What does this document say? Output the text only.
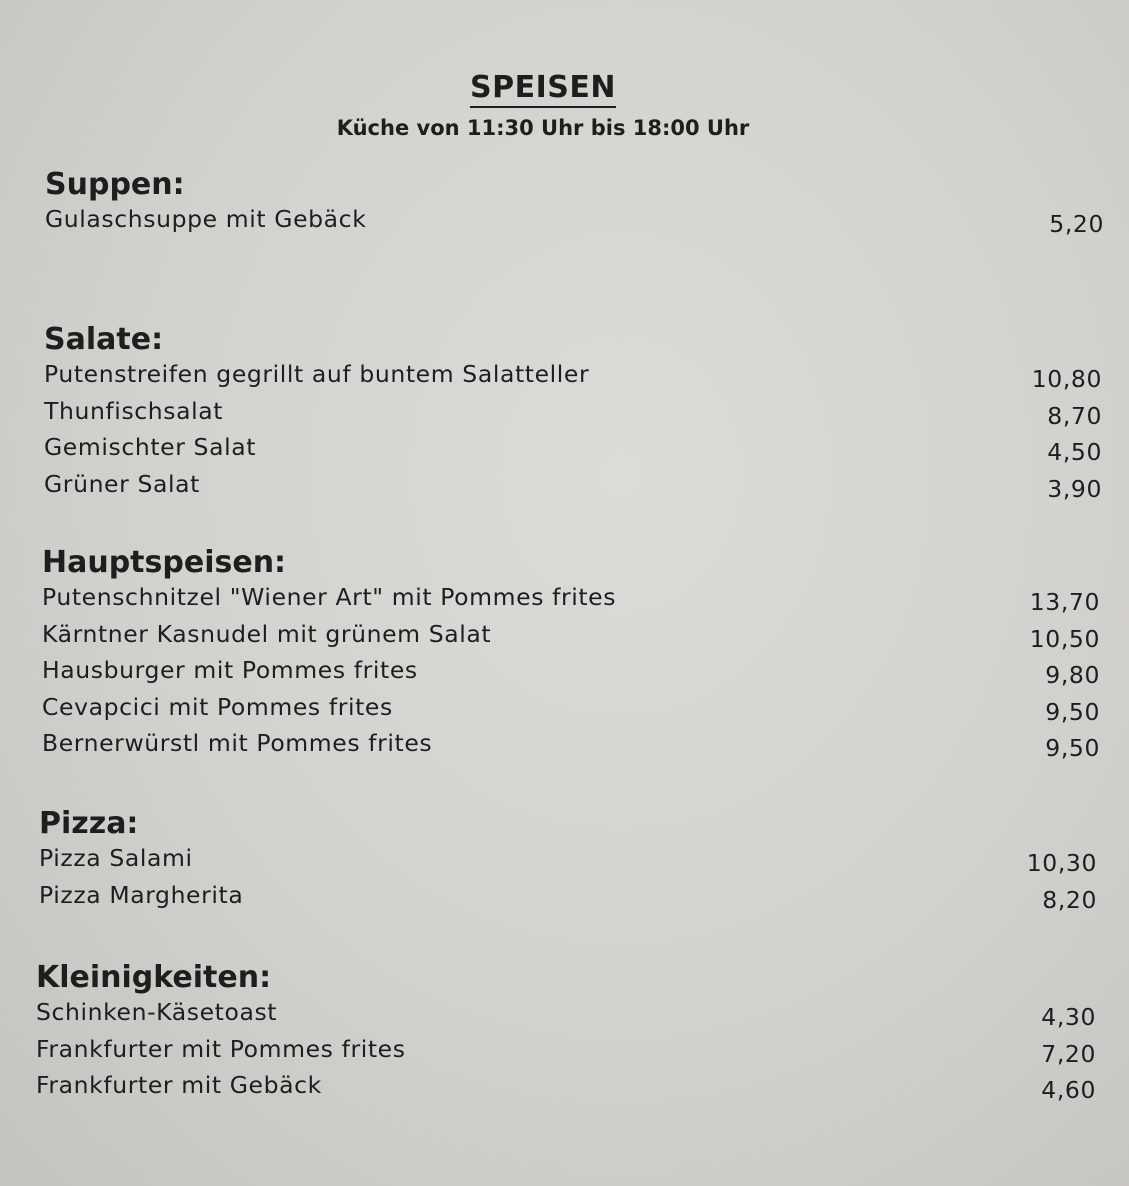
SPEISEN
Küche von 11:30 Uhr bis 18:00 Uhr
Suppen:
Gulaschsuppe mit Gebäck	5,20
Salate:
Putenstreifen gegrillt auf buntem Salatteller	10,80
Thunfischsalat	8,70
Gemischter Salat	4,50
Grüner Salat	3,90
Hauptspeisen:
Putenschnitzel "Wiener Art" mit Pommes frites	13,70
Kärntner Kasnudel mit grünem Salat	10,50
Hausburger mit Pommes frites	9,80
Cevapcici mit Pommes frites	9,50
Bernerwürstl mit Pommes frites	9,50
Pizza:
Pizza Salami	10,30
Pizza Margherita	8,20
Kleinigkeiten:
Schinken-Käsetoast	4,30
Frankfurter mit Pommes frites	7,20
Frankfurter mit Gebäck	4,60
